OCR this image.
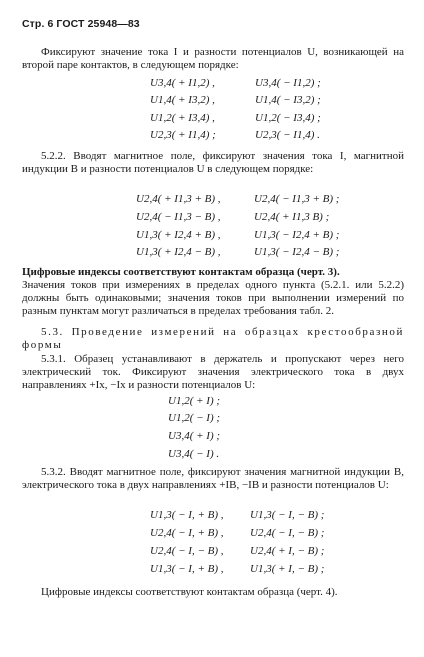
Стр. 6 ГОСТ 25948—83
Фиксируют значение тока I и разности потенциалов U, возникающей на второй паре контактов, в следующем порядке:
U3,4( + I1,2) ,	U3,4( − I1,2) ;
U1,4( + I3,2) ,	U1,4( − I3,2) ;
U1,2( + I3,4) ,	U1,2( − I3,4) ;
U2,3( + I1,4) ;	U2,3( − I1,4) .
5.2.2. Вводят магнитное поле, фиксируют значения тока I, магнитной индукции B и разности потенциалов U в следующем порядке:
U2,4( + I1,3 + B) ,	U2,4( − I1,3 + B) ;
U2,4( − I1,3 − B) ,	U2,4( + I1,3 B) ;
U1,3( + I2,4 + B) ,	U1,3( − I2,4 + B) ;
U1,3( + I2,4 − B) ,	U1,3( − I2,4 − B) ;
Цифровые индексы соответствуют контактам образца (черт. 3).
Значения токов при измерениях в пределах одного пункта (5.2.1. или 5.2.2) должны быть одинаковыми; значения токов при выполнении измерений по разным пунктам могут различаться в пределах требования табл. 2.
5.3. Проведение измерений на образцах крестообразной формы
5.3.1. Образец устанавливают в держатель и пропускают через него электрический ток. Фиксируют значения электрического тока в двух направлениях +Ix, −Ix и разности потенциалов U:
U1,2( + I) ;
U1,2( − I) ;
U3,4( + I) ;
U3,4( − I) .
5.3.2. Вводят магнитное поле, фиксируют значения магнитной индукции B, электрического тока в двух направлениях +IB, −IB и разности потенциалов U:
U1,3( − I, + B) , U1,3( − I, − B) ;
U2,4( − I, + B) , U2,4( − I, − B) ;
U2,4( − I, − B) , U2,4( + I, − B) ;
U1,3( − I, + B) , U1,3( + I, − B) ;
Цифровые индексы соответствуют контактам образца (черт. 4).
